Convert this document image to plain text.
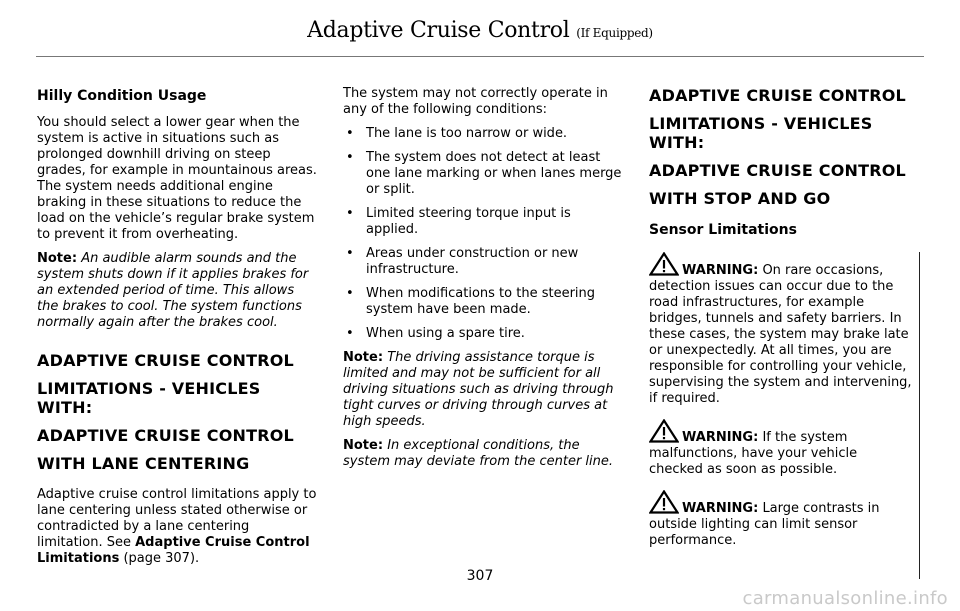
Adaptive Cruise Control (If Equipped)
Hilly Condition Usage

You should select a lower gear when the system is active in situations such as prolonged downhill driving on steep grades, for example in mountainous areas. The system needs additional engine braking in these situations to reduce the load on the vehicle’s regular brake system to prevent it from overheating.

Note: An audible alarm sounds and the system shuts down if it applies brakes for an extended period of time. This allows the brakes to cool. The system functions normally again after the brakes cool.

ADAPTIVE CRUISE CONTROL
LIMITATIONS - VEHICLES WITH:
ADAPTIVE CRUISE CONTROL
WITH LANE CENTERING

Adaptive cruise control limitations apply to lane centering unless stated otherwise or contradicted by a lane centering limitation. See Adaptive Cruise Control Limitations (page 307).

The system may not correctly operate in any of the following conditions:

• The lane is too narrow or wide.
• The system does not detect at least one lane marking or when lanes merge or split.
• Limited steering torque input is applied.
• Areas under construction or new infrastructure.
• When modifications to the steering system have been made.
• When using a spare tire.

Note: The driving assistance torque is limited and may not be sufficient for all driving situations such as driving through tight curves or driving through curves at high speeds.

Note: In exceptional conditions, the system may deviate from the center line.

ADAPTIVE CRUISE CONTROL
LIMITATIONS - VEHICLES WITH:
ADAPTIVE CRUISE CONTROL
WITH STOP AND GO
Sensor Limitations
WARNING: On rare occasions, detection issues can occur due to the road infrastructures, for example bridges, tunnels and safety barriers. In these cases, the system may brake late or unexpectedly. At all times, you are responsible for controlling your vehicle, supervising the system and intervening, if required.
WARNING: If the system malfunctions, have your vehicle checked as soon as possible.
WARNING: Large contrasts in outside lighting can limit sensor performance.
307
carmanualsonline.info
